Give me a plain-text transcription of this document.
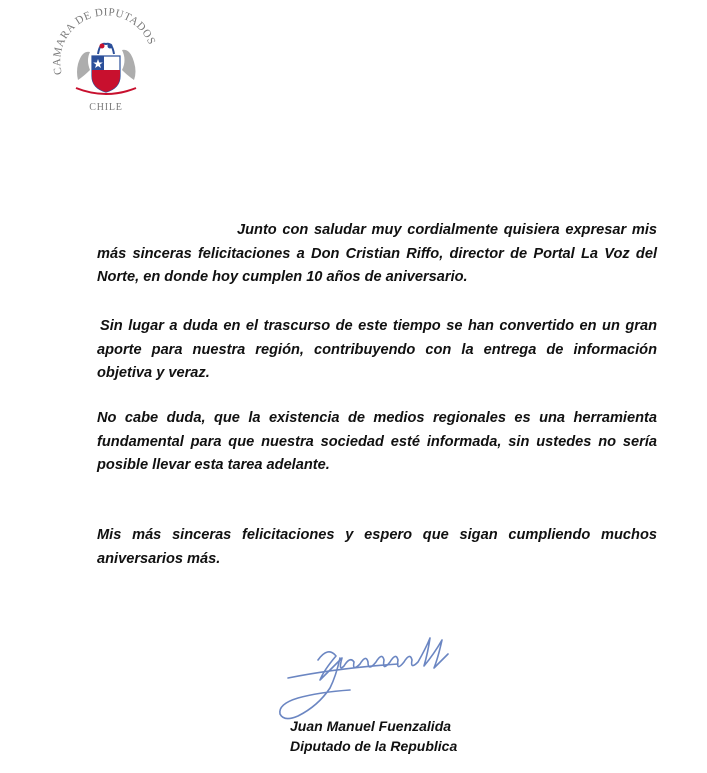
CAMARA DE DIPUTADOS
CHILE
Junto con saludar muy cordialmente quisiera expresar mis más sinceras felicitaciones a Don Cristian Riffo, director de Portal La Voz del Norte, en donde hoy cumplen 10 años de aniversario.
Sin lugar a duda en el trascurso de este tiempo se han convertido en un gran aporte para nuestra región, contribuyendo con la entrega de información objetiva y veraz.
No cabe duda, que la existencia de medios regionales es una herramienta fundamental para que nuestra sociedad esté informada, sin ustedes no sería posible llevar esta tarea adelante.
Mis más sinceras felicitaciones y espero que sigan cumpliendo muchos aniversarios más.
Juan Manuel Fuenzalida
Diputado de la Republica
